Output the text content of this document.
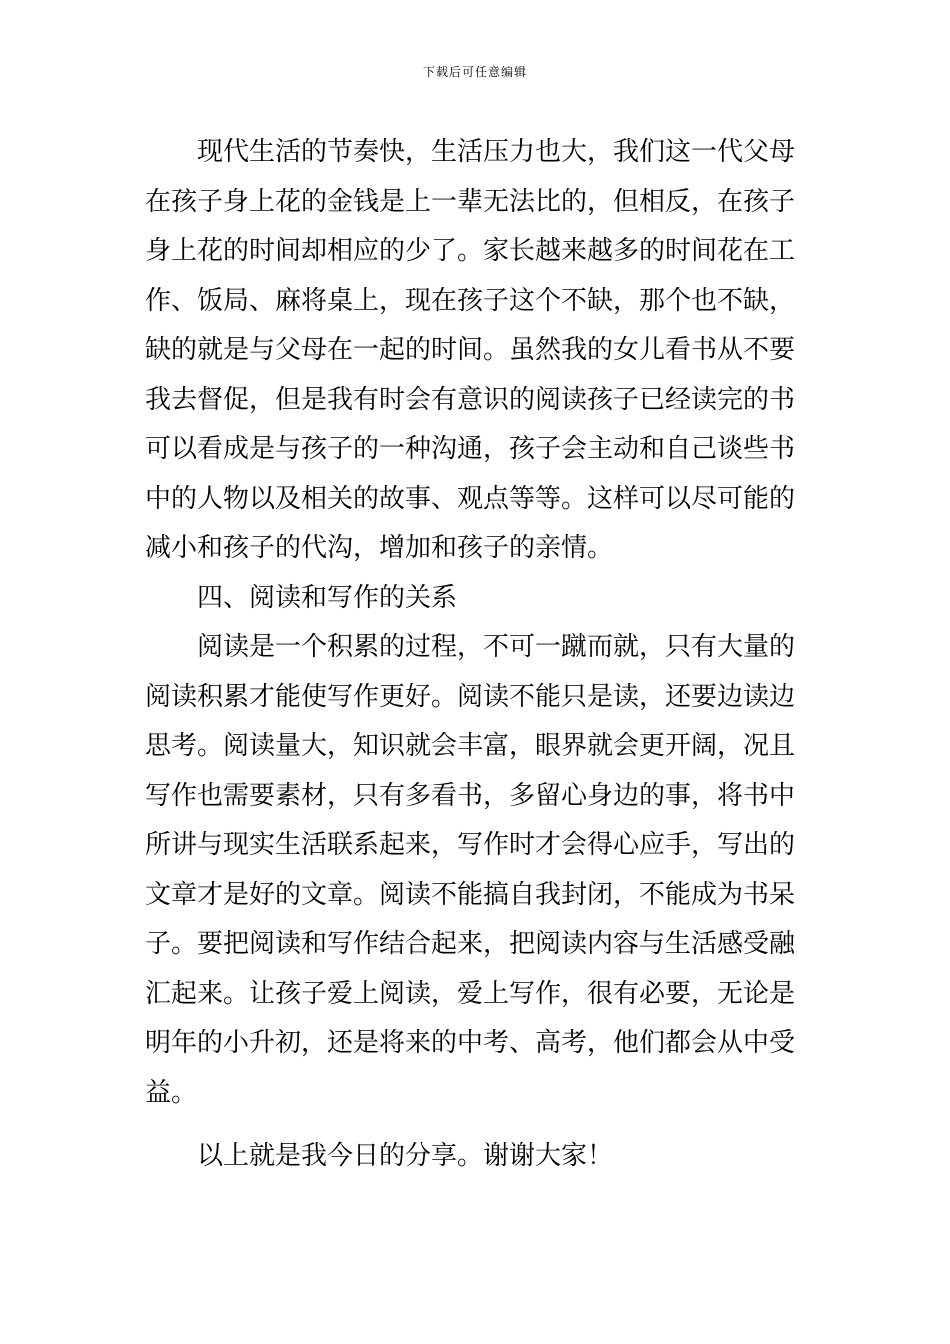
下载后可任意编辑
现代生活的节奏快，生活压力也大，我们这一代父母
在孩子身上花的金钱是上一辈无法比的，但相反，在孩子
身上花的时间却相应的少了。家长越来越多的时间花在工
作、饭局、麻将桌上，现在孩子这个不缺，那个也不缺，
缺的就是与父母在一起的时间。虽然我的女儿看书从不要
我去督促，但是我有时会有意识的阅读孩子已经读完的书
可以看成是与孩子的一种沟通，孩子会主动和自己谈些书
中的人物以及相关的故事、观点等等。这样可以尽可能的
减小和孩子的代沟，增加和孩子的亲情。
四、阅读和写作的关系
阅读是一个积累的过程，不可一蹴而就，只有大量的
阅读积累才能使写作更好。阅读不能只是读，还要边读边
思考。阅读量大，知识就会丰富，眼界就会更开阔，况且
写作也需要素材，只有多看书，多留心身边的事，将书中
所讲与现实生活联系起来，写作时才会得心应手，写出的
文章才是好的文章。阅读不能搞自我封闭，不能成为书呆
子。要把阅读和写作结合起来，把阅读内容与生活感受融
汇起来。让孩子爱上阅读，爱上写作，很有必要，无论是
明年的小升初，还是将来的中考、高考，他们都会从中受
益。
以上就是我今日的分享。谢谢大家！
